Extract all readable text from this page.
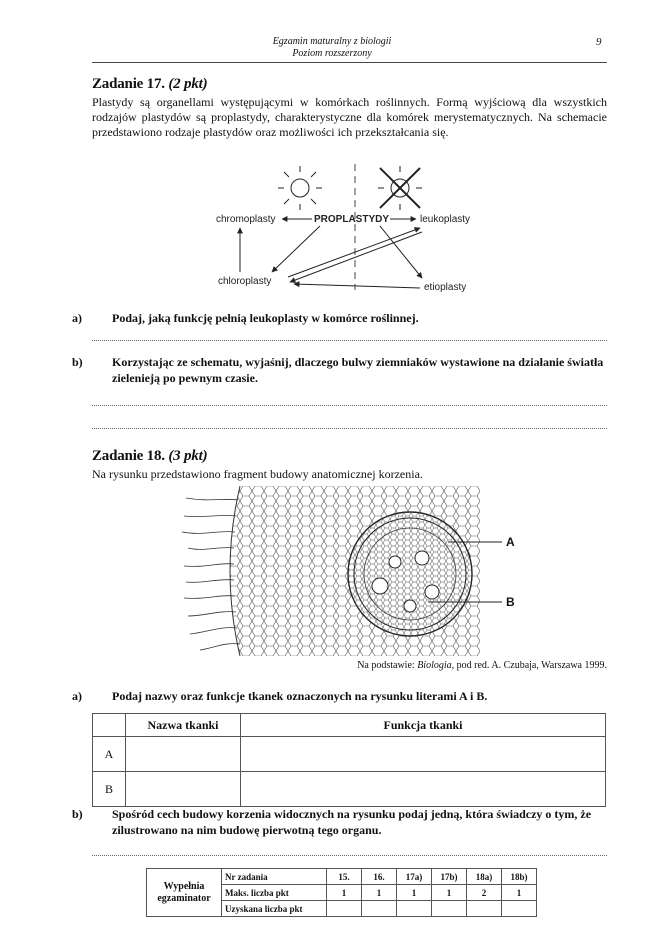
Egzamin maturalny z biologii
Poziom rozszerzony
9
Zadanie 17. (2 pkt)
Plastydy są organellami występującymi w komórkach roślinnych. Formą wyjściową dla wszystkich rodzajów plastydów są proplastydy, charakterystyczne dla komórek merystematycznych. Na schemacie przedstawiono rodzaje plastydów oraz możliwości ich przekształcania się.
chromoplasty	PROPLASTYDY	leukoplasty
chloroplasty
etioplasty
a)	Podaj, jaką funkcję pełnią leukoplasty w komórce roślinnej.
b) Korzystając ze schematu, wyjaśnij, dlaczego bulwy ziemniaków wystawione na działanie światła zielenieją po pewnym czasie.
Zadanie 18. (3 pkt)
Na rysunku przedstawiono fragment budowy anatomicznej korzenia.
A
B
Na podstawie: Biologia, pod red. A. Czubaja, Warszawa 1999.
a)	Podaj nazwy oraz funkcje tkanek oznaczonych na rysunku literami A i B.
	Nazwa tkanki	Funkcja tkanki
A		
B		
b) Spośród cech budowy korzenia widocznych na rysunku podaj jedną, która świadczy o tym, że zilustrowano na nim budowę pierwotną tego organu.
Wypełnia
egzaminator	Nr zadania	15.	16.	17a)	17b)	18a)	18b)
	Maks. liczba pkt	1	1	1	1	2	1
	Uzyskana liczba pkt						
